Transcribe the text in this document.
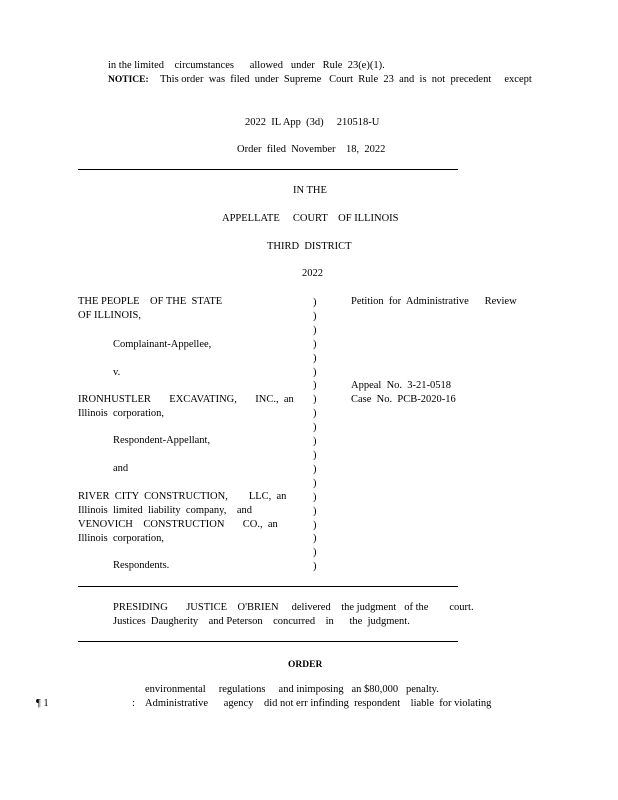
NOTICE: This order  was  filed  under  Supreme   Court  Rule  23  and  is  not  precedent     except
in the limited    circumstances      allowed   under   Rule  23(e)(1).
2022  IL App  (3d)     210518-U
Order  filed  November    18,  2022
IN THE
APPELLATE     COURT    OF ILLINOIS
THIRD  DISTRICT
2022
THE PEOPLE    OF THE  STATE
OF ILLINOIS,
Complainant-Appellee,
v.
IRONHUSTLER       EXCAVATING,       INC.,  an
Illinois  corporation,
Respondent-Appellant,
and
RIVER  CITY  CONSTRUCTION,        LLC,  an
Illinois  limited  liability  company,    and
VENOVICH    CONSTRUCTION       CO.,  an
Illinois  corporation,
Respondents.
)
)
)
)
)
)
)
)
)
)
)
)
)
)
)
)
)
)
)
)
Petition  for  Administrative      Review
Appeal  No.  3-21-0518
Case  No.  PCB-2020-16
PRESIDING       JUSTICE    O'BRIEN     delivered    the judgment   of the        court.
Justices  Daugherity    and Peterson    concurred    in      the  judgment.
ORDER
environmental     regulations     and inimposing   an $80,000   penalty.
¶ 1	: Administrative      agency    did not err infinding  respondent    liable  for violating
